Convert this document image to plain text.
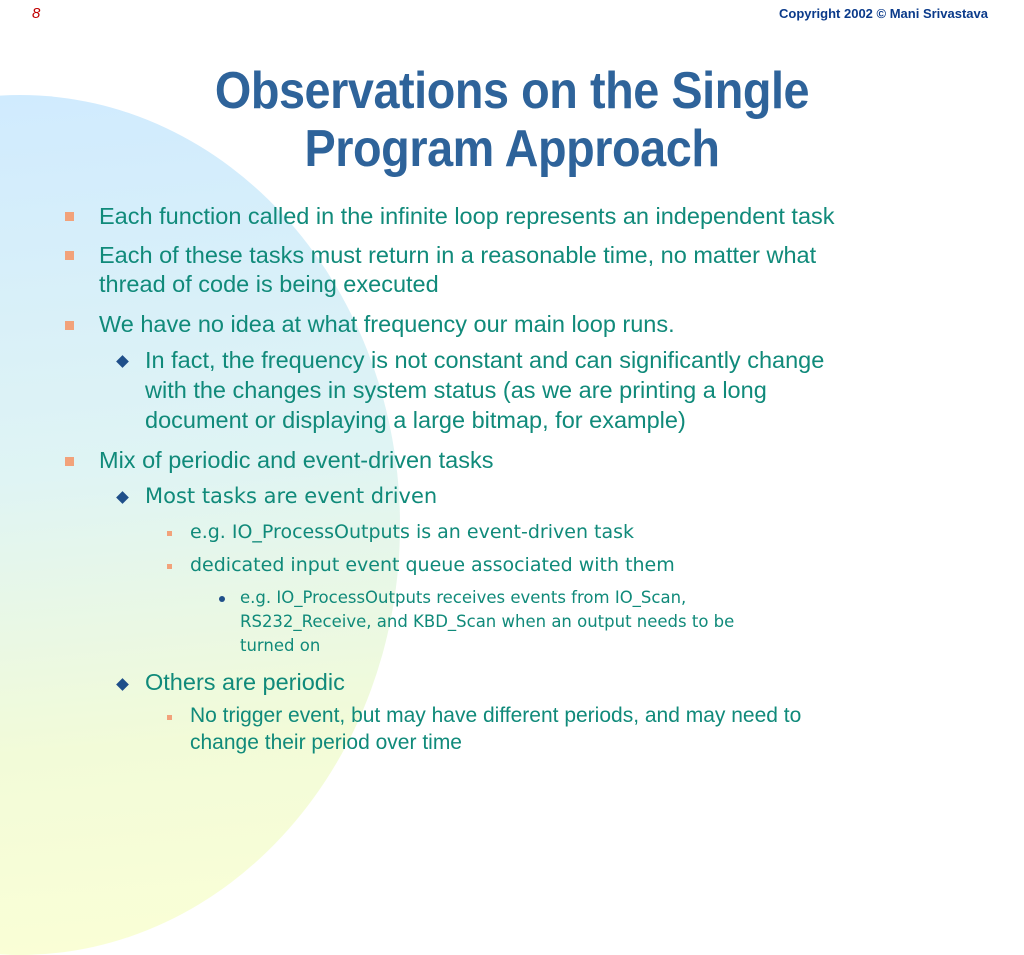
8	Copyright 2002 © Mani Srivastava
Observations on the Single
Program Approach
Each function called in the infinite loop represents an independent task
Each of these tasks must return in a reasonable time, no matter what
thread of code is being executed
We have no idea at what frequency our main loop runs.
In fact, the frequency is not constant and can significantly change
with the changes in system status (as we are printing a long
document or displaying a large bitmap, for example)
Mix of periodic and event-driven tasks
Most tasks are event driven
e.g. IO_ProcessOutputs is an event-driven task
dedicated input event queue associated with them
e.g. IO_ProcessOutputs receives events from IO_Scan,
RS232_Receive, and KBD_Scan when an output needs to be
turned on
Others are periodic
No trigger event, but may have different periods, and may need to
change their period over time
